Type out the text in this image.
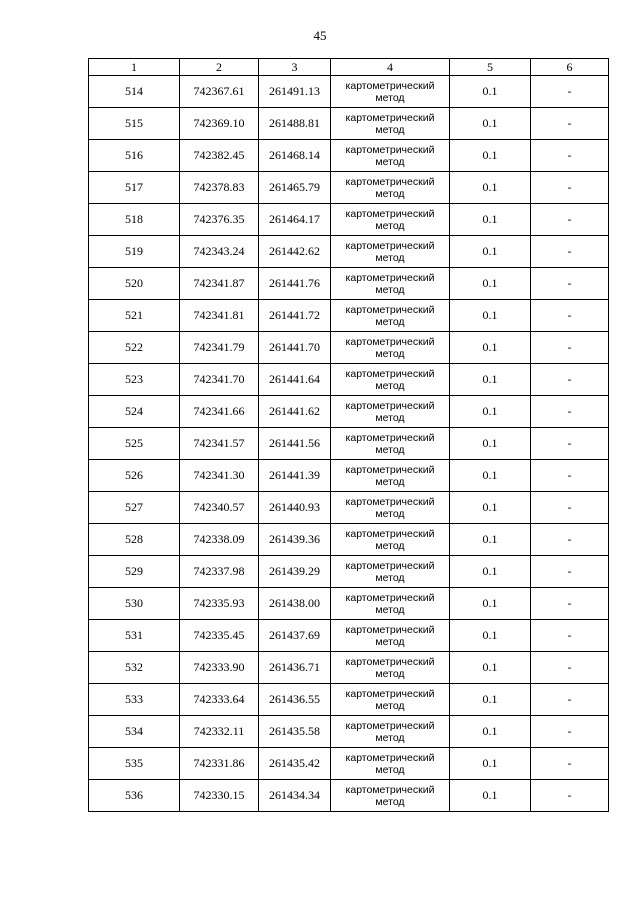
45
1	2	3	4	5	6
514	742367.61	261491.13	картометрический
метод	0.1	-
515	742369.10	261488.81	картометрический
метод	0.1	-
516	742382.45	261468.14	картометрический
метод	0.1	-
517	742378.83	261465.79	картометрический
метод	0.1	-
518	742376.35	261464.17	картометрический
метод	0.1	-
519	742343.24	261442.62	картометрический
метод	0.1	-
520	742341.87	261441.76	картометрический
метод	0.1	-
521	742341.81	261441.72	картометрический
метод	0.1	-
522	742341.79	261441.70	картометрический
метод	0.1	-
523	742341.70	261441.64	картометрический
метод	0.1	-
524	742341.66	261441.62	картометрический
метод	0.1	-
525	742341.57	261441.56	картометрический
метод	0.1	-
526	742341.30	261441.39	картометрический
метод	0.1	-
527	742340.57	261440.93	картометрический
метод	0.1	-
528	742338.09	261439.36	картометрический
метод	0.1	-
529	742337.98	261439.29	картометрический
метод	0.1	-
530	742335.93	261438.00	картометрический
метод	0.1	-
531	742335.45	261437.69	картометрический
метод	0.1	-
532	742333.90	261436.71	картометрический
метод	0.1	-
533	742333.64	261436.55	картометрический
метод	0.1	-
534	742332.11	261435.58	картометрический
метод	0.1	-
535	742331.86	261435.42	картометрический
метод	0.1	-
536	742330.15	261434.34	картометрический
метод	0.1	-
